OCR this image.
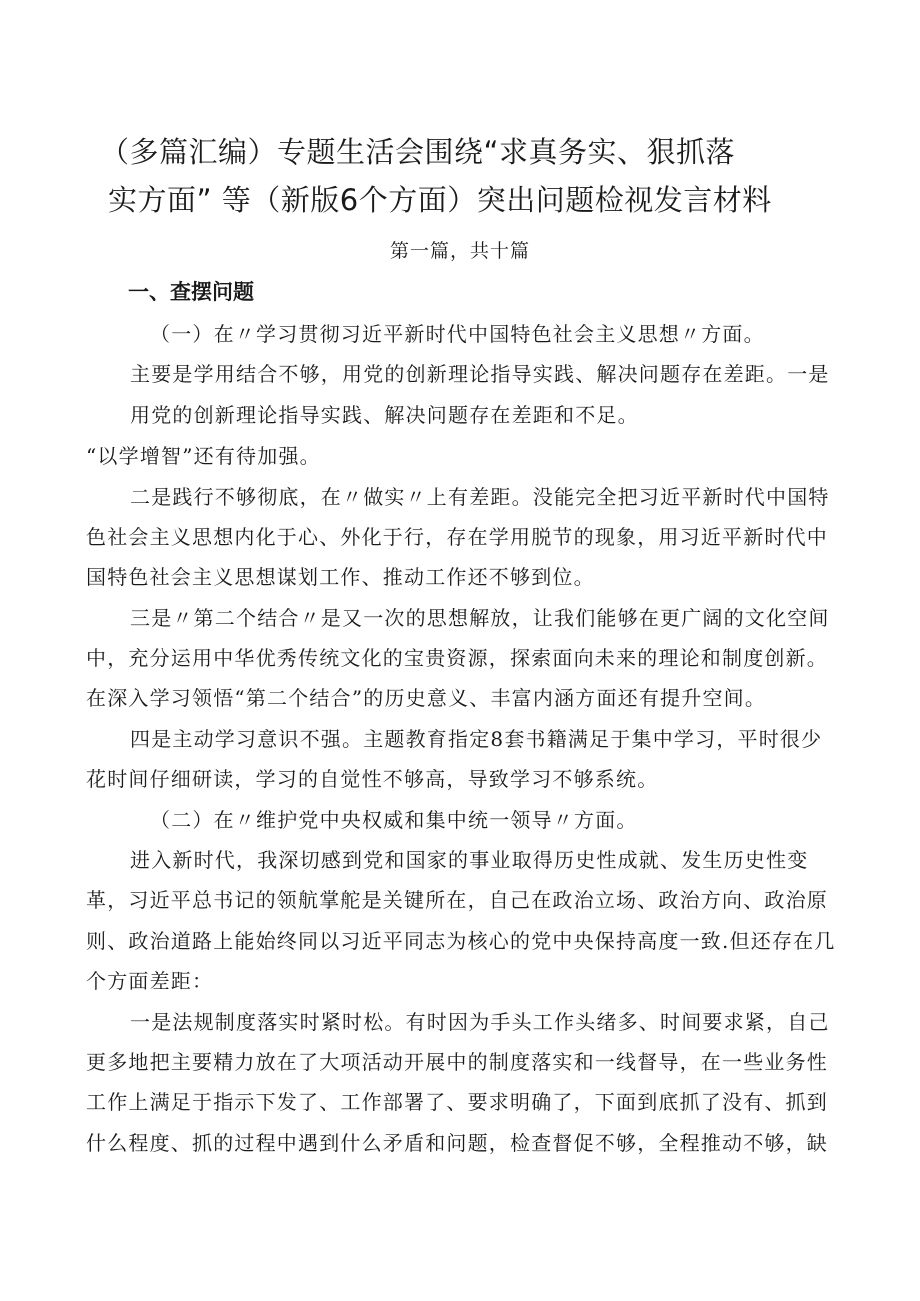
（多篇汇编）专题生活会围绕“求真务实、狠抓落
实方面” 等（新版6个方面）突出问题检视发言材料

第一篇，共十篇

一、查摆问题

（一）在〃学习贯彻习近平新时代中国特色社会主义思想〃方面。

主要是学用结合不够，用党的创新理论指导实践、解决问题存在差距。一是

用党的创新理论指导实践、解决问题存在差距和不足。

“以学增智”还有待加强。

二是践行不够彻底，在〃做实〃上有差距。没能完全把习近平新时代中国特

色社会主义思想内化于心、外化于行，存在学用脱节的现象，用习近平新时代中

国特色社会主义思想谋划工作、推动工作还不够到位。

三是〃第二个结合〃是又一次的思想解放，让我们能够在更广阔的文化空间

中，充分运用中华优秀传统文化的宝贵资源，探索面向未来的理论和制度创新。

在深入学习领悟“第二个结合”的历史意义、丰富内涵方面还有提升空间。

四是主动学习意识不强。主题教育指定8套书籍满足于集中学习，平时很少

花时间仔细研读，学习的自觉性不够高，导致学习不够系统。

（二）在〃维护党中央权威和集中统一领导〃方面。

进入新时代，我深切感到党和国家的事业取得历史性成就、发生历史性变

革，习近平总书记的领航掌舵是关键所在，自己在政治立场、政治方向、政治原

则、政治道路上能始终同以习近平同志为核心的党中央保持高度一致.但还存在几

个方面差距：

一是法规制度落实时紧时松。有时因为手头工作头绪多、时间要求紧，自己

更多地把主要精力放在了大项活动开展中的制度落实和一线督导，在一些业务性

工作上满足于指示下发了、工作部署了、要求明确了，下面到底抓了没有、抓到

什么程度、抓的过程中遇到什么矛盾和问题，检查督促不够，全程推动不够，缺
